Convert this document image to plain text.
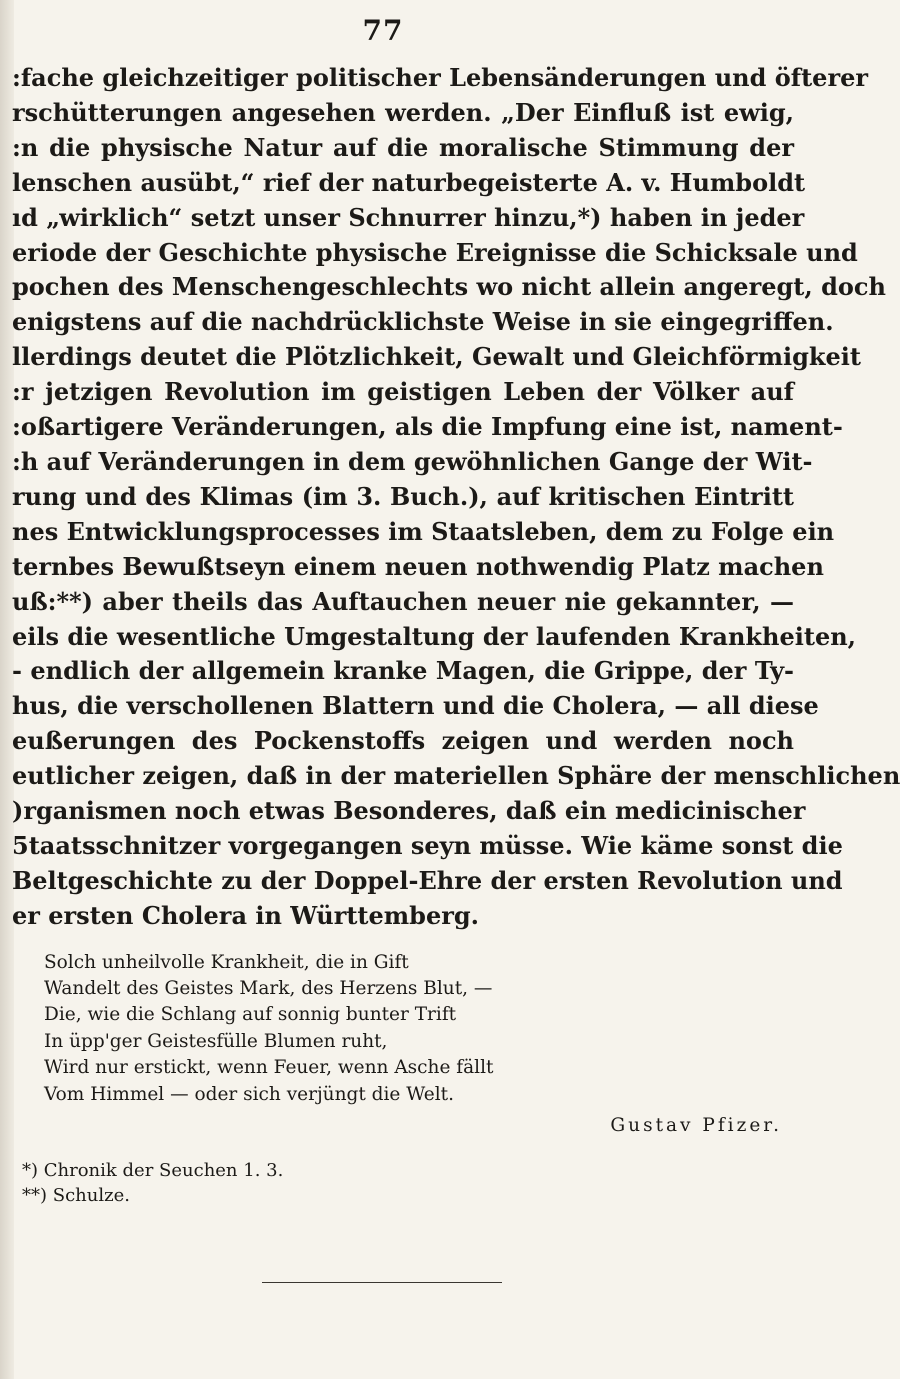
77
:fache gleichzeitiger politischer Lebensänderungen und öfterer
rschütterungen angesehen werden. „Der Einfluß ist ewig,
:n die physische Natur auf die moralische Stimmung der
lenschen ausübt,“ rief der naturbegeisterte A. v. Humboldt
ıd „wirklich“ setzt unser Schnurrer hinzu,*) haben in jeder
eriode der Geschichte physische Ereignisse die Schicksale und
pochen des Menschengeschlechts wo nicht allein angeregt, doch
enigstens auf die nachdrücklichste Weise in sie eingegriffen.
llerdings deutet die Plötzlichkeit, Gewalt und Gleichförmigkeit
:r jetzigen Revolution im geistigen Leben der Völker auf
:oßartigere Veränderungen, als die Impfung eine ist, nament-
:h auf Veränderungen in dem gewöhnlichen Gange der Wit-
rung und des Klimas (im 3. Buch.), auf kritischen Eintritt
nes Entwicklungsprocesses im Staatsleben, dem zu Folge ein
ternbes Bewußtseyn einem neuen nothwendig Platz machen
uß:**) aber theils das Auftauchen neuer nie gekannter, —
eils die wesentliche Umgestaltung der laufenden Krankheiten,
- endlich der allgemein kranke Magen, die Grippe, der Ty-
hus, die verschollenen Blattern und die Cholera, — all diese
eußerungen des Pockenstoffs zeigen und werden noch
eutlicher zeigen, daß in der materiellen Sphäre der menschlichen
)rganismen noch etwas Besonderes, daß ein medicinischer
5taatsschnitzer vorgegangen seyn müsse. Wie käme sonst die
Beltgeschichte zu der Doppel-Ehre der ersten Revolution und
er ersten Cholera in Württemberg.
Solch unheilvolle Krankheit, die in Gift
Wandelt des Geistes Mark, des Herzens Blut, —
Die, wie die Schlang auf sonnig bunter Trift
In üpp'ger Geistesfülle Blumen ruht,
Wird nur erstickt, wenn Feuer, wenn Asche fällt
Vom Himmel — oder sich verjüngt die Welt.
Gustav Pfizer.
*) Chronik der Seuchen 1. 3.
**) Schulze.
